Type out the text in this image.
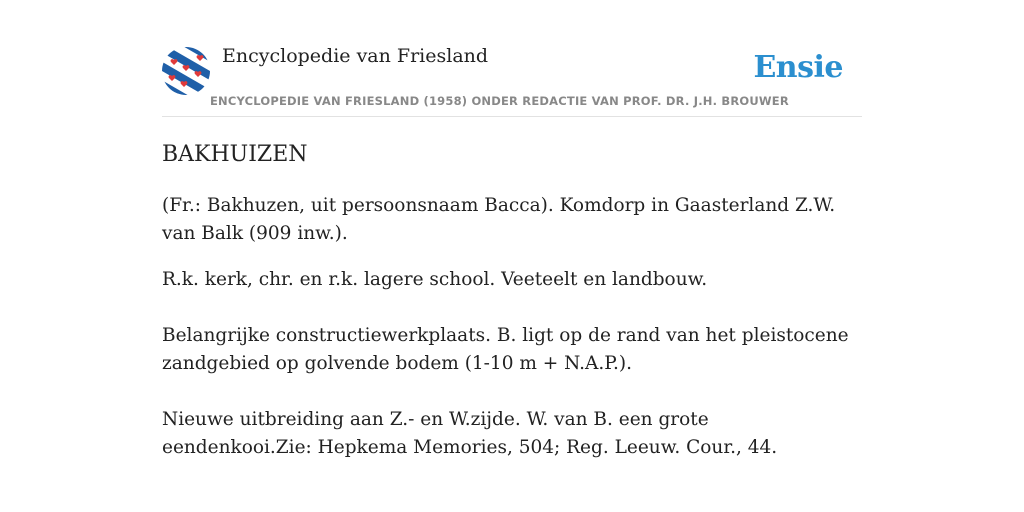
Encyclopedie van Friesland	Ensie
ENCYCLOPEDIE VAN FRIESLAND (1958) ONDER REDACTIE VAN PROF. DR. J.H. BROUWER
BAKHUIZEN

(Fr.: Bakhuzen, uit persoonsnaam Bacca). Komdorp in Gaasterland Z.W. van Balk (909 inw.).

R.k. kerk, chr. en r.k. lagere school. Veeteelt en landbouw.

Belangrijke constructiewerkplaats. B. ligt op de rand van het pleistocene zandgebied op golvende bodem (1-10 m + N.A.P.).

Nieuwe uitbreiding aan Z.- en W.zijde. W. van B. een grote eendenkooi.Zie: Hepkema Memories, 504; Reg. Leeuw. Cour., 44.
